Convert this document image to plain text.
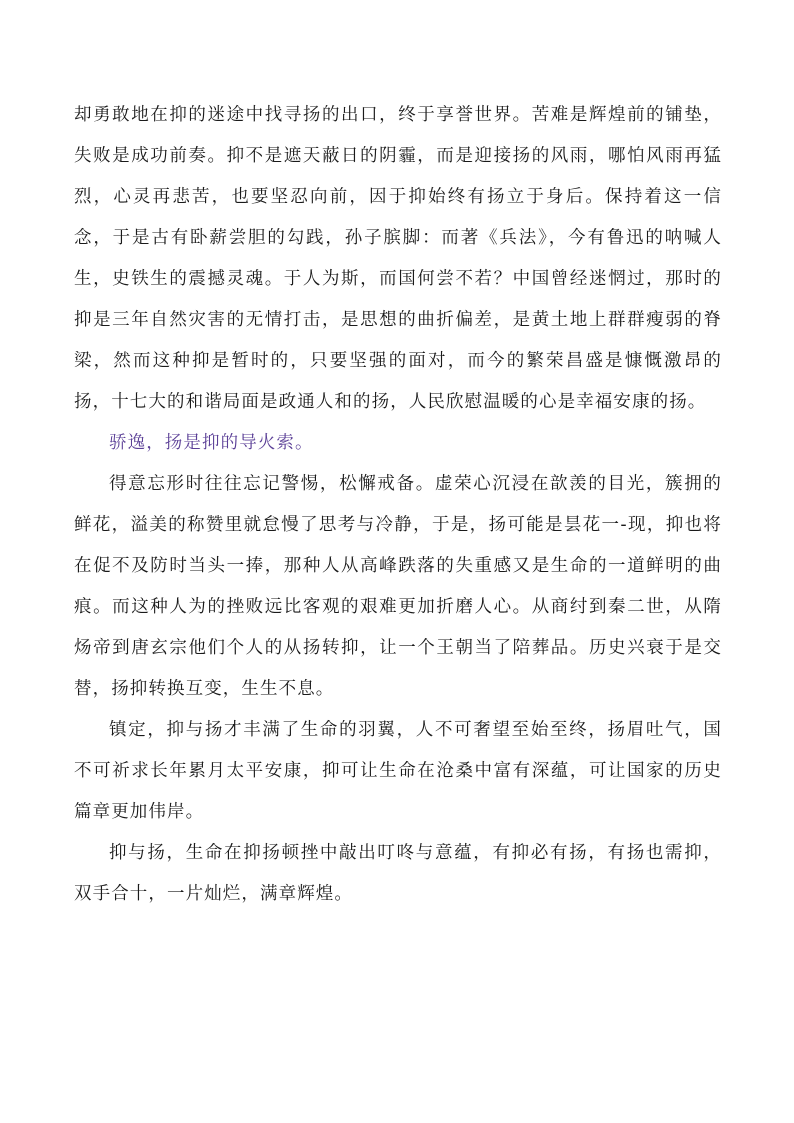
却勇敢地在抑的迷途中找寻扬的出口，终于享誉世界。苦难是辉煌前的铺垫，失败是成功前奏。抑不是遮天蔽日的阴霾，而是迎接扬的风雨，哪怕风雨再猛烈，心灵再悲苦，也要坚忍向前，因于抑始终有扬立于身后。保持着这一信念，于是古有卧薪尝胆的勾践，孙子膑脚：而著《兵法》，今有鲁迅的呐喊人生，史铁生的震撼灵魂。于人为斯，而国何尝不若？中国曾经迷惘过，那时的抑是三年自然灾害的无情打击，是思想的曲折偏差，是黄土地上群群瘦弱的脊梁，然而这种抑是暂时的，只要坚强的面对，而今的繁荣昌盛是慷慨激昂的扬，十七大的和谐局面是政通人和的扬，人民欣慰温暖的心是幸福安康的扬。

骄逸，扬是抑的导火索。

得意忘形时往往忘记警惕，松懈戒备。虚荣心沉浸在歆羡的目光，簇拥的鲜花，溢美的称赞里就怠慢了思考与冷静，于是，扬可能是昙花一-现，抑也将在促不及防时当头一捧，那种人从高峰跌落的失重感又是生命的一道鲜明的曲痕。而这种人为的挫败远比客观的艰难更加折磨人心。从商纣到秦二世，从隋炀帝到唐玄宗他们个人的从扬转抑，让一个王朝当了陪葬品。历史兴衰于是交替，扬抑转换互变，生生不息。

镇定，抑与扬才丰满了生命的羽翼，人不可奢望至始至终，扬眉吐气，国不可祈求长年累月太平安康，抑可让生命在沧桑中富有深蕴，可让国家的历史篇章更加伟岸。

抑与扬，生命在抑扬顿挫中敲出叮咚与意蕴，有抑必有扬，有扬也需抑，双手合十，一片灿烂，满章辉煌。
